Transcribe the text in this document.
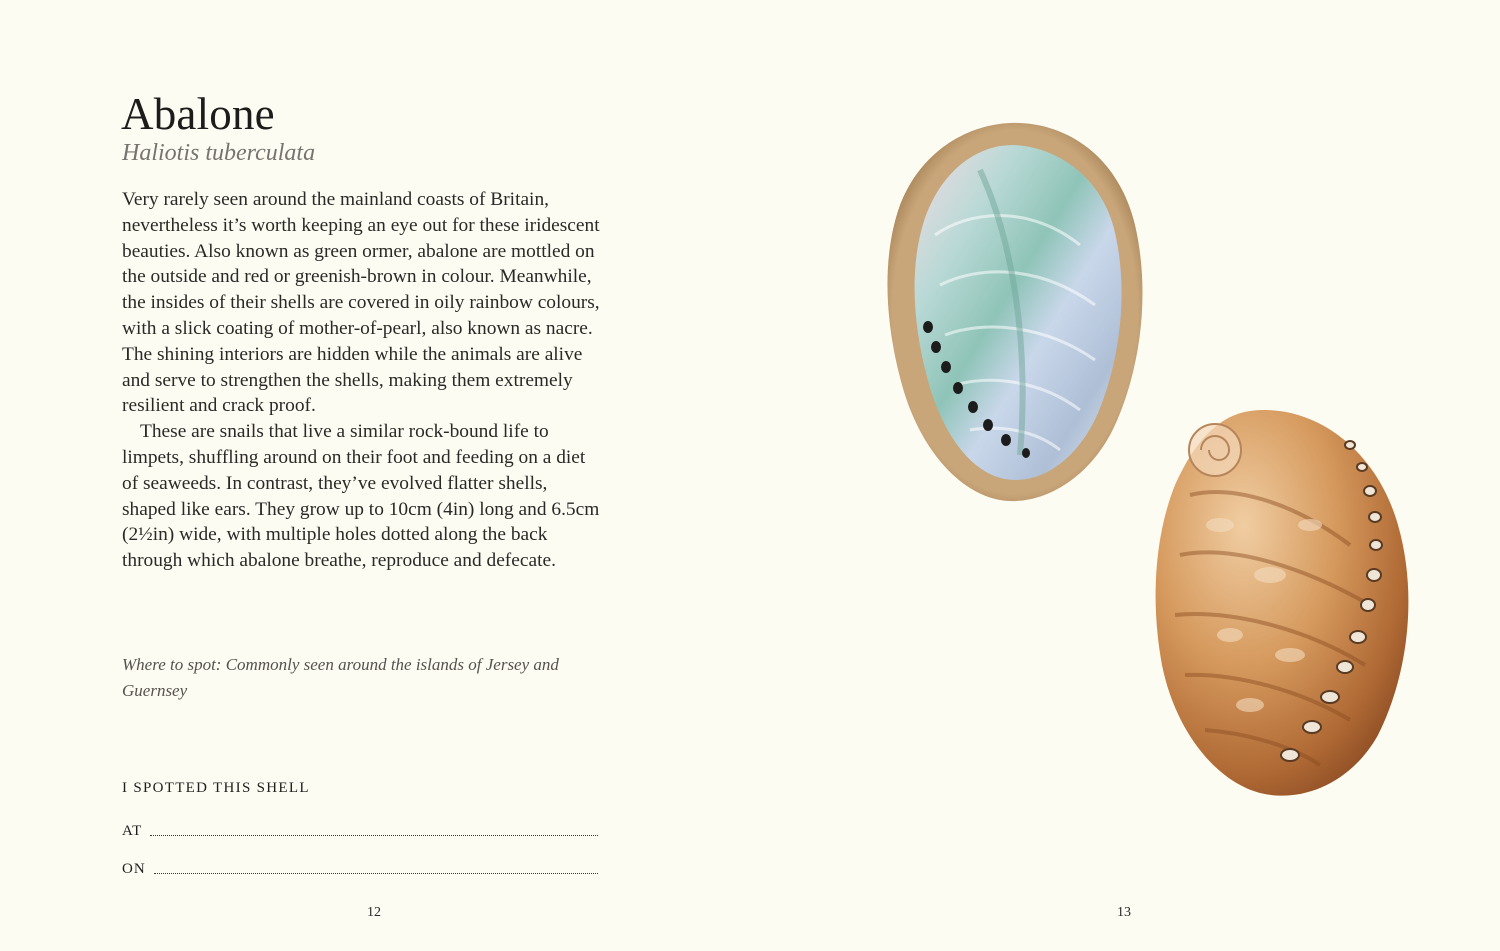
Abalone
Haliotis tuberculata

Very rarely seen around the mainland coasts of Britain, nevertheless it’s worth keeping an eye out for these iridescent beauties. Also known as green ormer, abalone are mottled on the outside and red or greenish-brown in colour. Meanwhile, the insides of their shells are covered in oily rainbow colours, with a slick coating of mother-of-pearl, also known as nacre. The shining interiors are hidden while the animals are alive and serve to strengthen the shells, making them extremely resilient and crack proof.

These are snails that live a similar rock-bound life to limpets, shuffling around on their foot and feeding on a diet of seaweeds. In contrast, they’ve evolved flatter shells, shaped like ears. They grow up to 10cm (4in) long and 6.5cm (2½in) wide, with multiple holes dotted along the back through which abalone breathe, reproduce and defecate.

Where to spot: Commonly seen around the islands of Jersey and Guernsey
I SPOTTED THIS SHELL
AT
ON
12	13
